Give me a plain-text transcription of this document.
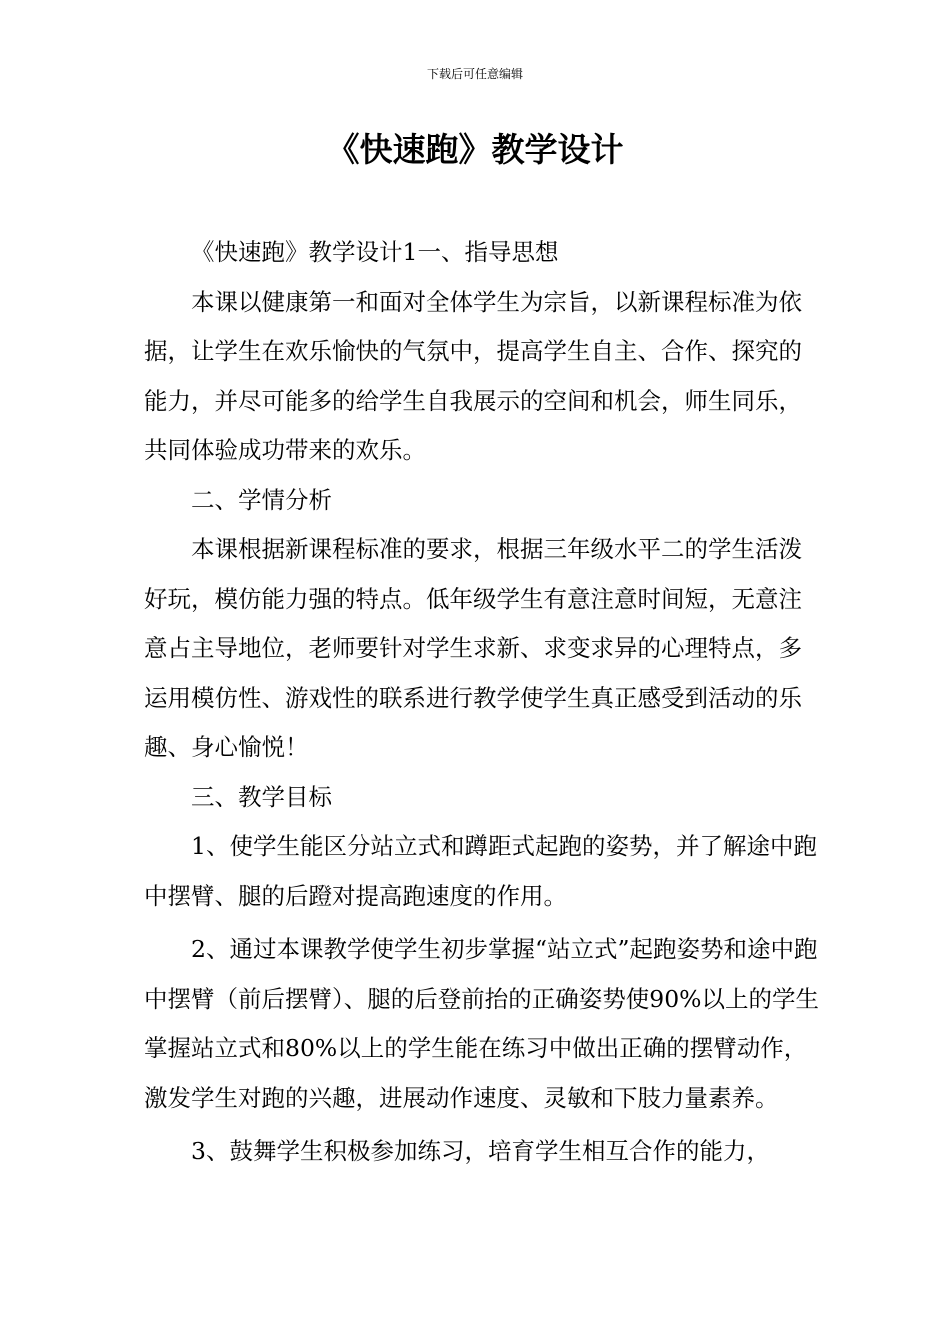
下载后可任意编辑
《快速跑》教学设计

《快速跑》教学设计1一、指导思想

本课以健康第一和面对全体学生为宗旨，以新课程标准为依据，让学生在欢乐愉快的气氛中，提高学生自主、合作、探究的能力，并尽可能多的给学生自我展示的空间和机会，师生同乐，共同体验成功带来的欢乐。

二、学情分析

本课根据新课程标准的要求，根据三年级水平二的学生活泼好玩，模仿能力强的特点。低年级学生有意注意时间短，无意注意占主导地位，老师要针对学生求新、求变求异的心理特点，多运用模仿性、游戏性的联系进行教学使学生真正感受到活动的乐趣、身心愉悦！

三、教学目标

1、使学生能区分站立式和蹲距式起跑的姿势，并了解途中跑中摆臂、腿的后蹬对提高跑速度的作用。

2、通过本课教学使学生初步掌握“站立式”起跑姿势和途中跑中摆臂（前后摆臂）、腿的后登前抬的正确姿势使90%以上的学生掌握站立式和80%以上的学生能在练习中做出正确的摆臂动作，激发学生对跑的兴趣，进展动作速度、灵敏和下肢力量素养。

3、鼓舞学生积极参加练习，培育学生相互合作的能力，
